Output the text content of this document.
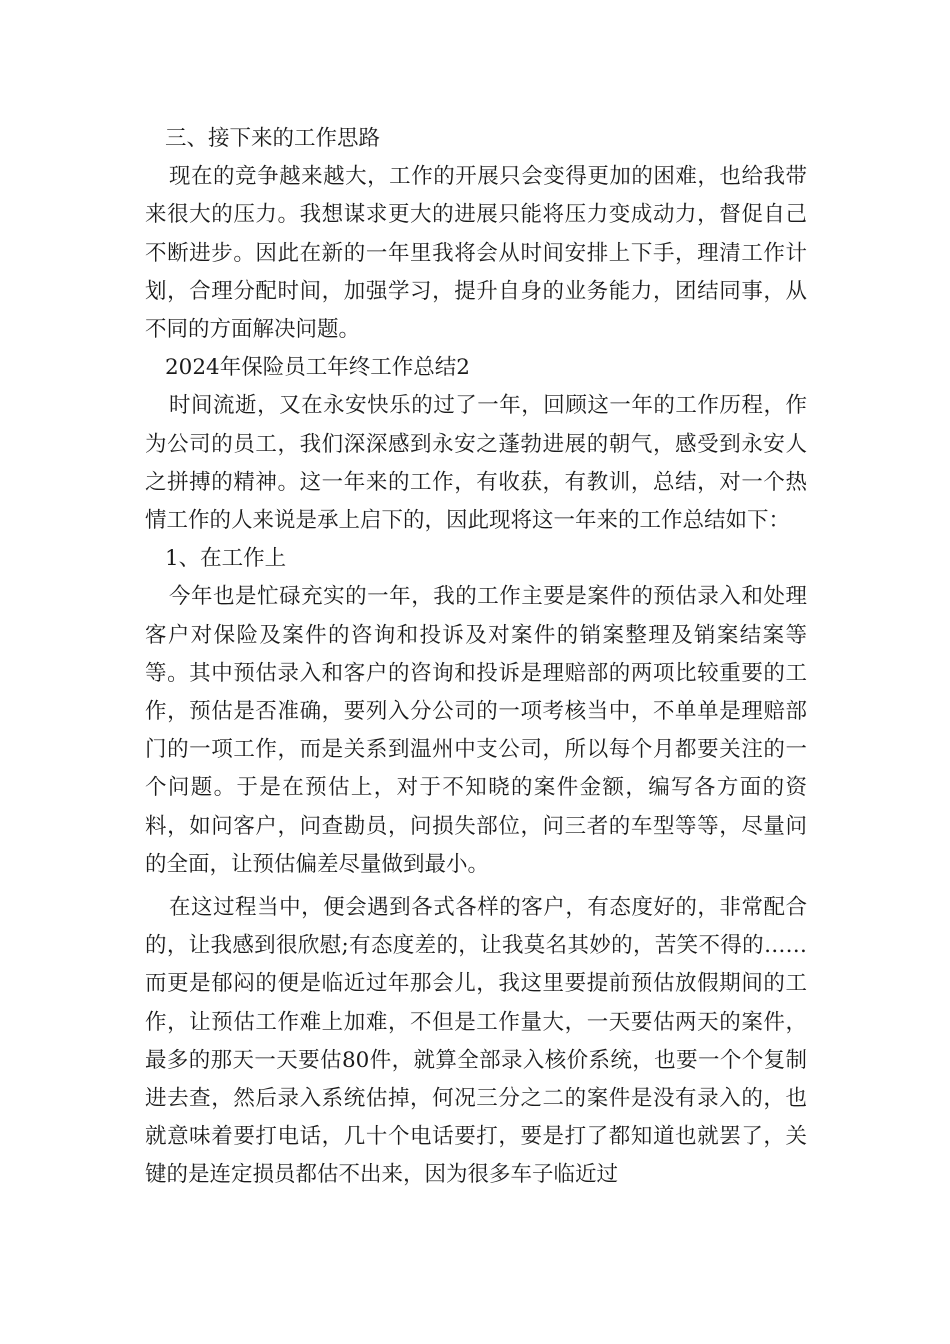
三、接下来的工作思路

现在的竞争越来越大，工作的开展只会变得更加的困难，也给我带来很大的压力。我想谋求更大的进展只能将压力变成动力，督促自己不断进步。因此在新的一年里我将会从时间安排上下手，理清工作计划，合理分配时间，加强学习，提升自身的业务能力，团结同事，从不同的方面解决问题。

2024年保险员工年终工作总结2

时间流逝，又在永安快乐的过了一年，回顾这一年的工作历程，作为公司的员工，我们深深感到永安之蓬勃进展的朝气，感受到永安人之拼搏的精神。这一年来的工作，有收获，有教训，总结，对一个热情工作的人来说是承上启下的，因此现将这一年来的工作总结如下：

1、在工作上

今年也是忙碌充实的一年，我的工作主要是案件的预估录入和处理客户对保险及案件的咨询和投诉及对案件的销案整理及销案结案等等。其中预估录入和客户的咨询和投诉是理赔部的两项比较重要的工作，预估是否准确，要列入分公司的一项考核当中，不单单是理赔部门的一项工作，而是关系到温州中支公司，所以每个月都要关注的一个问题。于是在预估上，对于不知晓的案件金额，编写各方面的资料，如问客户，问查勘员，问损失部位，问三者的车型等等，尽量问的全面，让预估偏差尽量做到最小。

在这过程当中，便会遇到各式各样的客户，有态度好的，非常配合的，让我感到很欣慰;有态度差的，让我莫名其妙的，苦笑不得的……而更是郁闷的便是临近过年那会儿，我这里要提前预估放假期间的工作，让预估工作难上加难，不但是工作量大，一天要估两天的案件，最多的那天一天要估80件，就算全部录入核价系统，也要一个个复制进去查，然后录入系统估掉，何况三分之二的案件是没有录入的，也就意味着要打电话，几十个电话要打，要是打了都知道也就罢了，关键的是连定损员都估不出来，因为很多车子临近过
